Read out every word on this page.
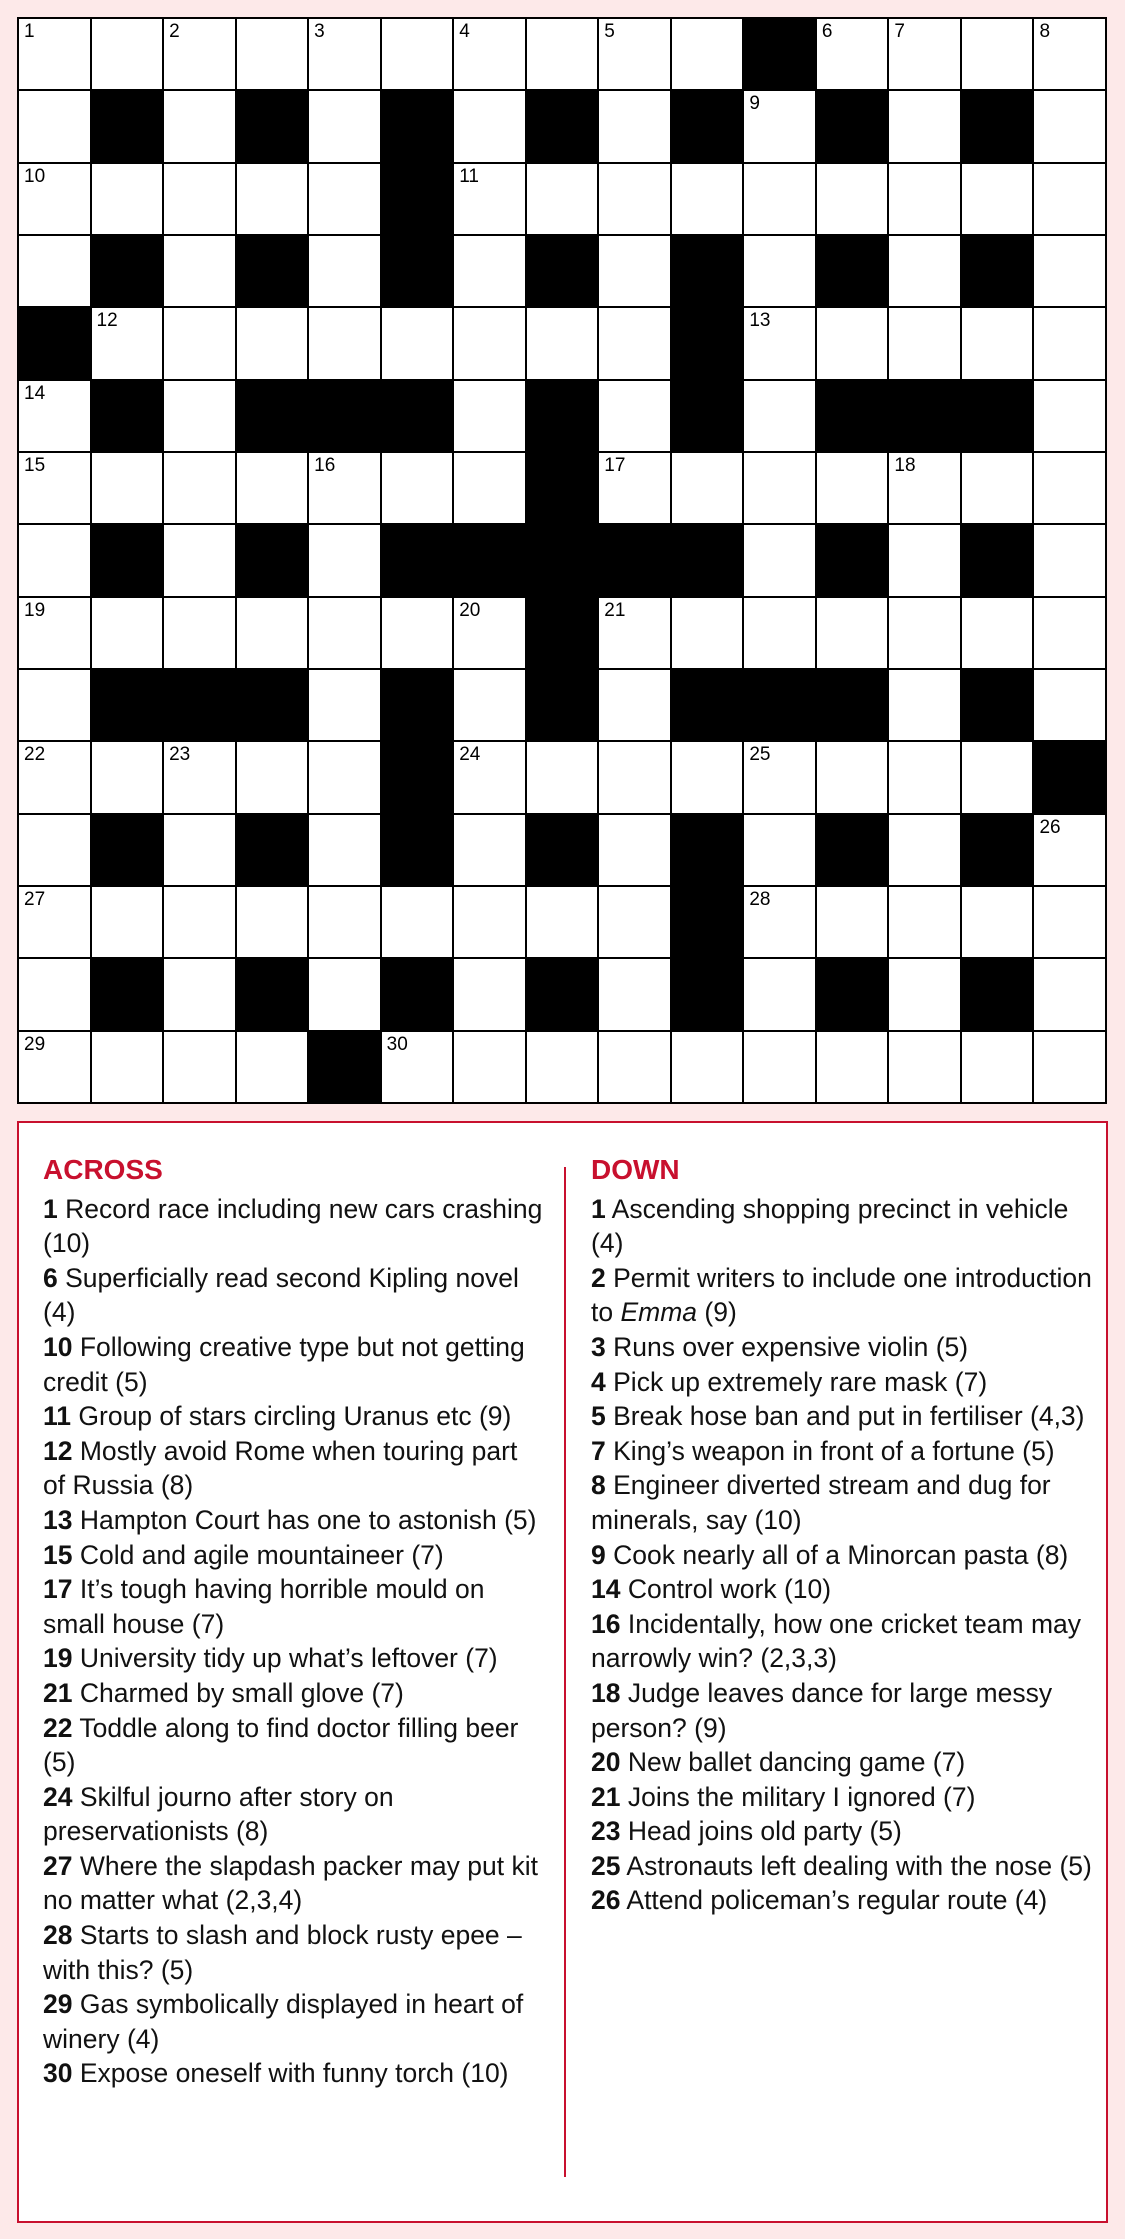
1	2	3	4	5	6	7	8
9
10	11
12	13
14
15	16	17	18
19	20	21
22	23	24	25
26
27	28
29	30
ACROSS

1 Record race including new cars crashing (10)

6 Superficially read second Kipling novel (4)

10 Following creative type but not getting credit (5)

11 Group of stars circling Uranus etc (9)

12 Mostly avoid Rome when touring part of Russia (8)

13 Hampton Court has one to astonish (5)

15 Cold and agile mountaineer (7)

17 It’s tough having horrible mould on small house (7)

19 University tidy up what’s leftover (7)

21 Charmed by small glove (7)

22 Toddle along to find doctor filling beer (5)

24 Skilful journo after story on preservationists (8)

27 Where the slapdash packer may put kit no matter what (2,3,4)

28 Starts to slash and block rusty epee – with this? (5)

29 Gas symbolically displayed in heart of winery (4)

30 Expose oneself with funny torch (10)

DOWN

1 Ascending shopping precinct in vehicle (4)

2 Permit writers to include one introduction to Emma (9)

3 Runs over expensive violin (5)

4 Pick up extremely rare mask (7)

5 Break hose ban and put in fertiliser (4,3)

7 King’s weapon in front of a fortune (5)

8 Engineer diverted stream and dug for minerals, say (10)

9 Cook nearly all of a Minorcan pasta (8)

14 Control work (10)

16 Incidentally, how one cricket team may narrowly win? (2,3,3)

18 Judge leaves dance for large messy person? (9)

20 New ballet dancing game (7)

21 Joins the military I ignored (7)

23 Head joins old party (5)

25 Astronauts left dealing with the nose (5)

26 Attend policeman’s regular route (4)
